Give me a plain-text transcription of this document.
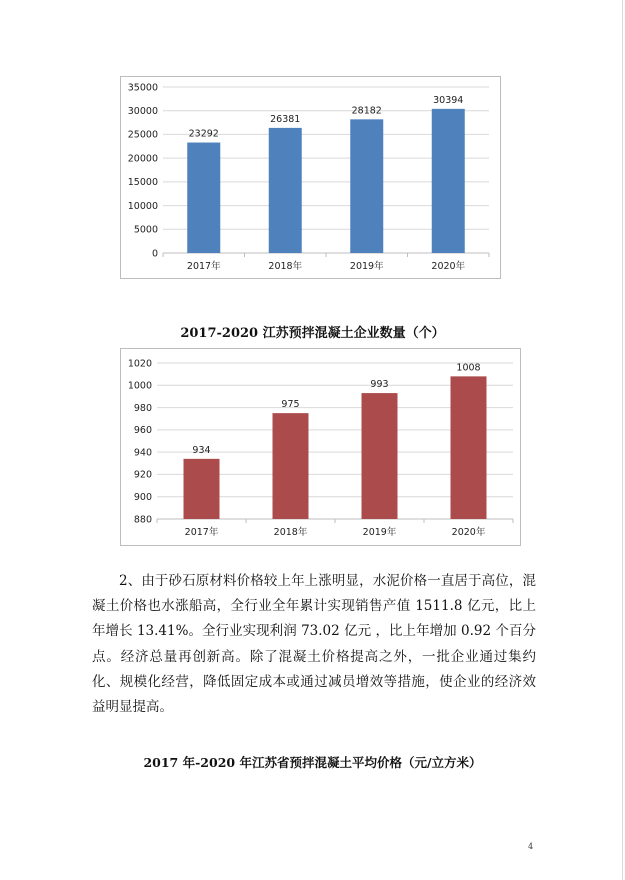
0
5000
10000
15000
20000
25000
30000
35000
23292
2017年
26381
2018年
28182
2019年
30394
2020年
2017-2020 江苏预拌混凝土企业数量（个）
880
900
920
940
960
980
1000
1020
934
2017年
975
2018年
993
2019年
1008
2020年
2、由于砂石原材料价格较上年上涨明显，水泥价格一直居于高位，混凝土价格也水涨船高，全行业全年累计实现销售产值 1511.8 亿元，比上年增长 13.41%。全行业实现利润 73.02 亿元 ，比上年增加 0.92 个百分点。经济总量再创新高。除了混凝土价格提高之外，一批企业通过集约化、规模化经营，降低固定成本或通过减员增效等措施，使企业的经济效益明显提高。
2017 年-2020 年江苏省预拌混凝土平均价格（元/立方米）
4
